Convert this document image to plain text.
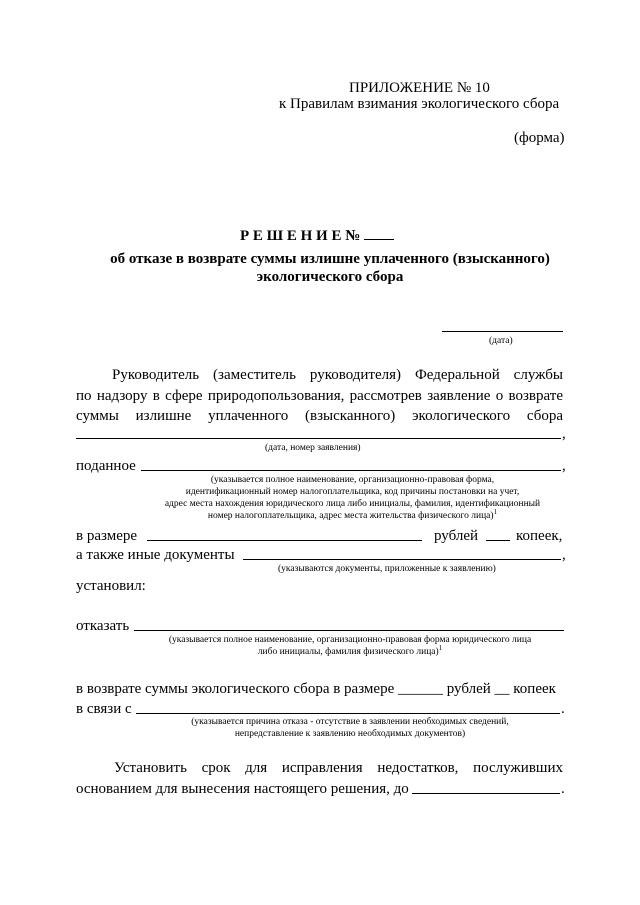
ПРИЛОЖЕНИЕ № 10
к Правилам взимания экологического сбора
(форма)
Р Е Ш Е Н И Е №
об отказе в возврате суммы излишне уплаченного (взысканного)
экологического сбора
(дата)
Руководитель (заместитель руководителя) Федеральной службы
по надзору в сфере природопользования, рассмотрев заявление о возврате
суммы излишне уплаченного (взысканного) экологического сбора
,
(дата, номер заявления)
поданное	,
(указывается полное наименование, организационно-правовая форма,
идентификационный номер налогоплательщика, код причины постановки на учет,
адрес места нахождения юридического лица либо инициалы, фамилия, идентификационный
номер налогоплательщика, адрес места жительства физического лица)$^1$
в размере	рублей	копеек,
а также иные документы	,
(указываются документы, приложенные к заявлению)
установил:
отказать
(указывается полное наименование, организационно-правовая форма юридического лица
либо инициалы, фамилия физического лица)$^1$
в возврате суммы экологического сбора в размере ______ рублей __ копеек
в связи с	.
(указывается причина отказа - отсутствие в заявлении необходимых сведений,
непредставление к заявлению необходимых документов)
Установить срок для исправления недостатков, послуживших
основанием для вынесения настоящего решения, до	.
